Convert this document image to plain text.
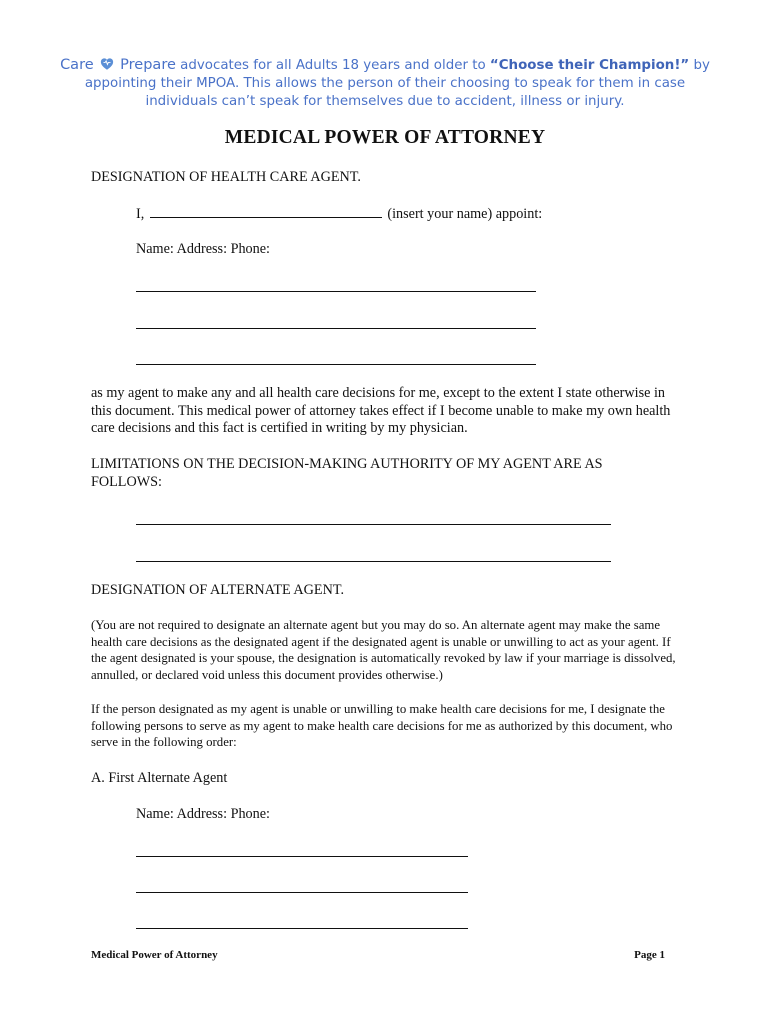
Care Prepare advocates for all Adults 18 years and older to “Choose their Champion!” by appointing their MPOA. This allows the person of their choosing to speak for them in case individuals can’t speak for themselves due to accident, illness or injury.
MEDICAL POWER OF ATTORNEY
DESIGNATION OF HEALTH CARE AGENT.
I,	(insert your name) appoint:
Name: Address: Phone:
as my agent to make any and all health care decisions for me, except to the extent I state otherwise in this document. This medical power of attorney takes effect if I become unable to make my own health care decisions and this fact is certified in writing by my physician.
LIMITATIONS ON THE DECISION-MAKING AUTHORITY OF MY AGENT ARE AS FOLLOWS:
DESIGNATION OF ALTERNATE AGENT.
(You are not required to designate an alternate agent but you may do so. An alternate agent may make the same health care decisions as the designated agent if the designated agent is unable or unwilling to act as your agent. If the agent designated is your spouse, the designation is automatically revoked by law if your marriage is dissolved, annulled, or declared void unless this document provides otherwise.)
If the person designated as my agent is unable or unwilling to make health care decisions for me, I designate the following persons to serve as my agent to make health care decisions for me as authorized by this document, who serve in the following order:
A. First Alternate Agent
Name: Address: Phone:
Medical Power of Attorney	Page 1
